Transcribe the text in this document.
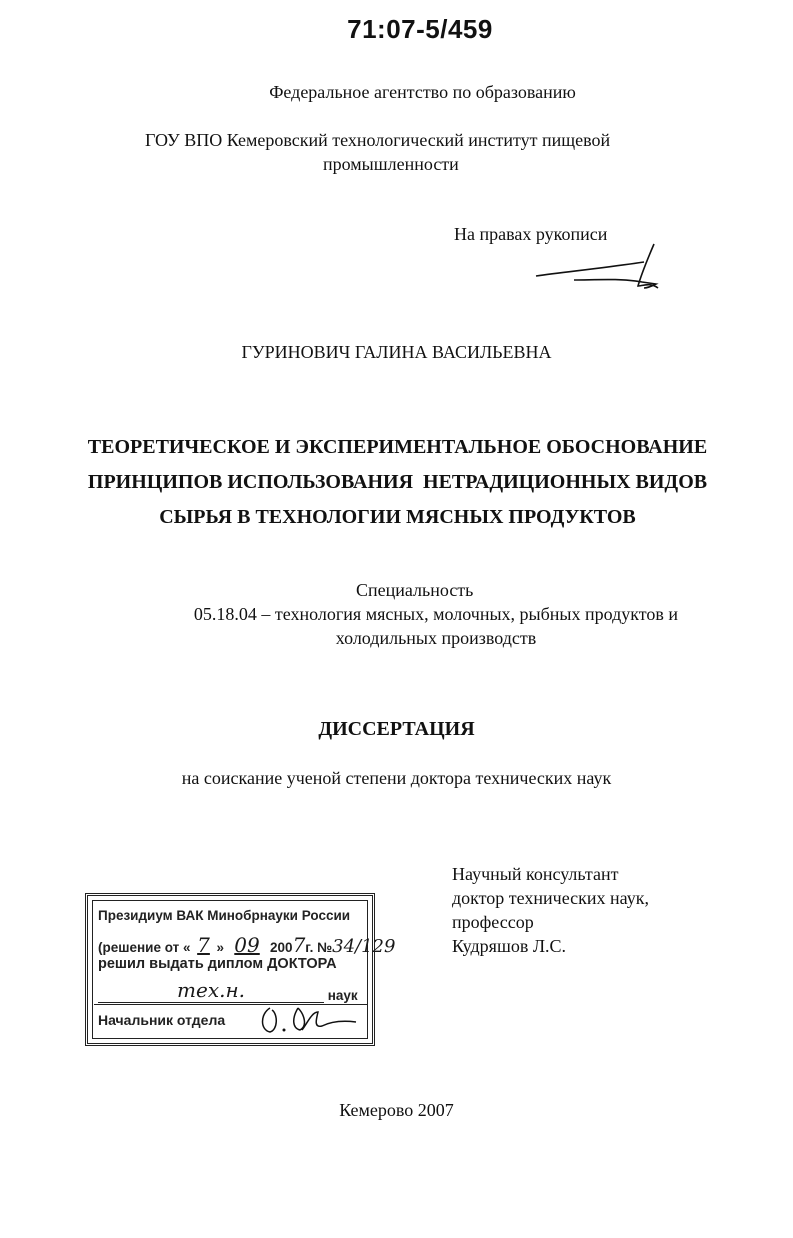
71:07-5/459
Федеральное агентство по образованию
ГОУ ВПО Кемеровский технологический институт пищевой
промышленности
На правах рукописи
ГУРИНОВИЧ ГАЛИНА ВАСИЛЬЕВНА
ТЕОРЕТИЧЕСКОЕ И ЭКСПЕРИМЕНТАЛЬНОЕ ОБОСНОВАНИЕ
ПРИНЦИПОВ ИСПОЛЬЗОВАНИЯ  НЕТРАДИЦИОННЫХ ВИДОВ
СЫРЬЯ В ТЕХНОЛОГИИ МЯСНЫХ ПРОДУКТОВ
Специальность
05.18.04 – технология мясных, молочных, рыбных продуктов и
холодильных производств
ДИССЕРТАЦИЯ
на соискание ученой степени доктора технических наук
Научный консультант
доктор технических наук,
профессор
Кудряшов Л.С.
Президиум ВАК Минобрнауки России
(решение от « 7 » 09 2007г. №34/129
решил выдать диплом ДОКТОРА
тех.н.	наук
Начальник отдела
Кемерово 2007
